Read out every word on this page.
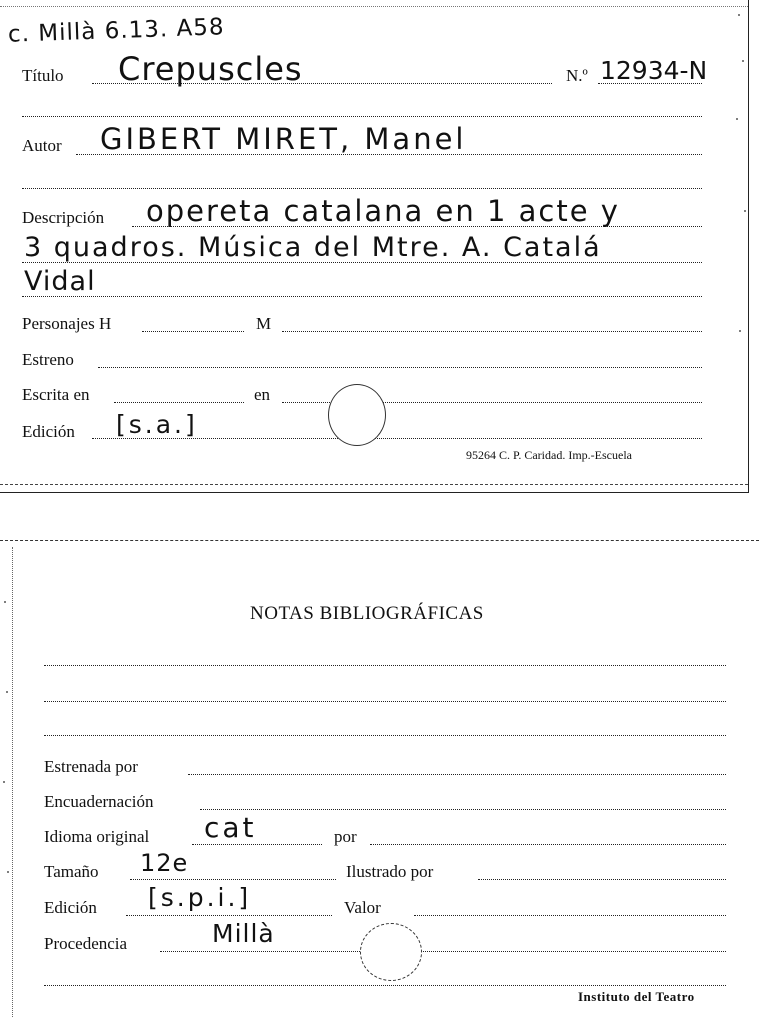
c. Millà 6.13. A58
Título Crepuscles	N.º 12934-N
Autor GIBERT MIRET, Manel
Descripción opereta catalana en 1 acte y
3 quadros. Música del Mtre. A. Catalá
Vidal
Personajes H	M
Estreno
Escrita en	en
Edición [s.a.]
95264 C. P. Caridad. Imp.-Escuela
NOTAS BIBLIOGRÁFICAS
Estrenada por
Encuadernación
Idioma original cat	por
Tamaño 12e	Ilustrado por
Edición [s.p.i.]	Valor
Procedencia	Millà
Instituto del Teatro
